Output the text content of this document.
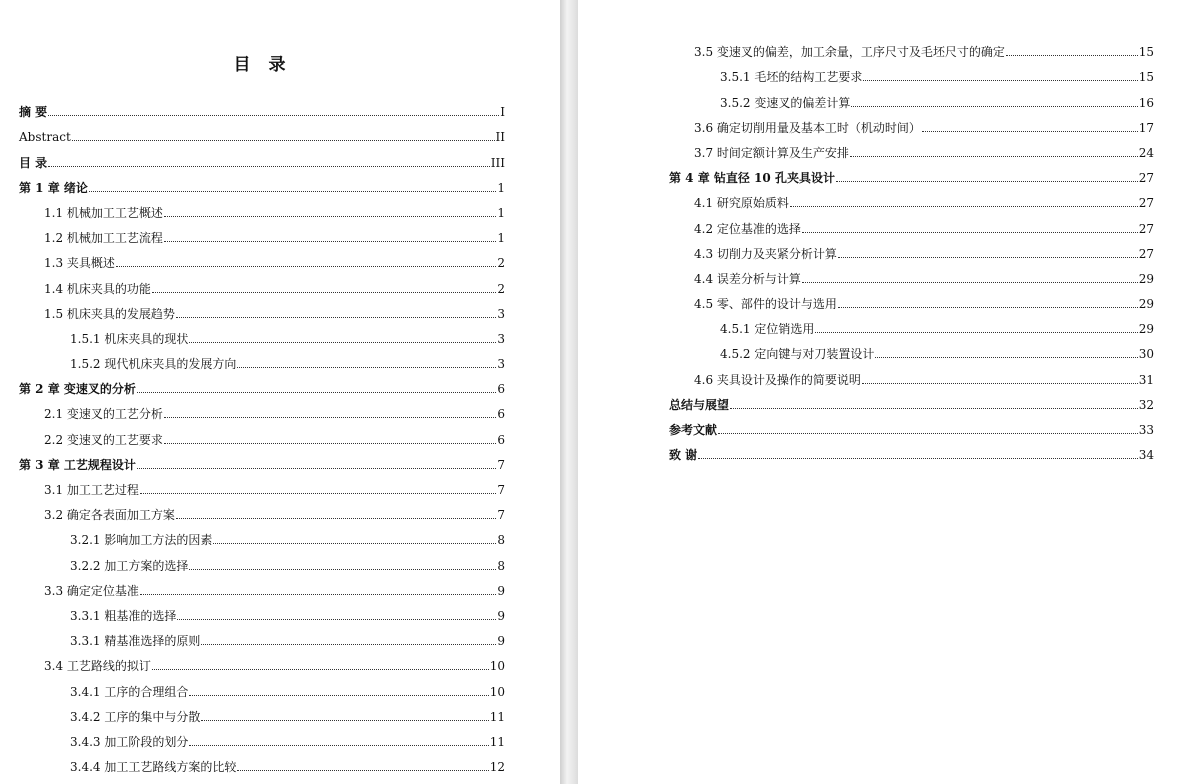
目 录
摘 要	I
Abstract	II
目 录	III
第 1 章 绪论	1
1.1 机械加工工艺概述	1
1.2 机械加工工艺流程	1
1.3 夹具概述	2
1.4 机床夹具的功能	2
1.5 机床夹具的发展趋势	3
1.5.1 机床夹具的现状	3
1.5.2 现代机床夹具的发展方向	3
第 2 章 变速叉的分析	6
2.1 变速叉的工艺分析	6
2.2 变速叉的工艺要求	6
第 3 章 工艺规程设计	7
3.1 加工工艺过程	7
3.2 确定各表面加工方案	7
3.2.1 影响加工方法的因素	8
3.2.2 加工方案的选择	8
3.3 确定定位基准	9
3.3.1 粗基准的选择	9
3.3.1 精基准选择的原则	9
3.4 工艺路线的拟订	10
3.4.1 工序的合理组合	10
3.4.2 工序的集中与分散	11
3.4.3 加工阶段的划分	11
3.4.4 加工工艺路线方案的比较	12
3.5 变速叉的偏差，加工余量，工序尺寸及毛坯尺寸的确定	15
3.5.1 毛坯的结构工艺要求	15
3.5.2 变速叉的偏差计算	16
3.6 确定切削用量及基本工时（机动时间）	17
3.7 时间定额计算及生产安排	24
第 4 章 钻直径 10 孔夹具设计	27
4.1 研究原始质料	27
4.2 定位基准的选择	27
4.3 切削力及夹紧分析计算	27
4.4 误差分析与计算	29
4.5 零、部件的设计与选用	29
4.5.1 定位销选用	29
4.5.2 定向键与对刀装置设计	30
4.6 夹具设计及操作的简要说明	31
总结与展望	32
参考文献	33
致 谢	34
